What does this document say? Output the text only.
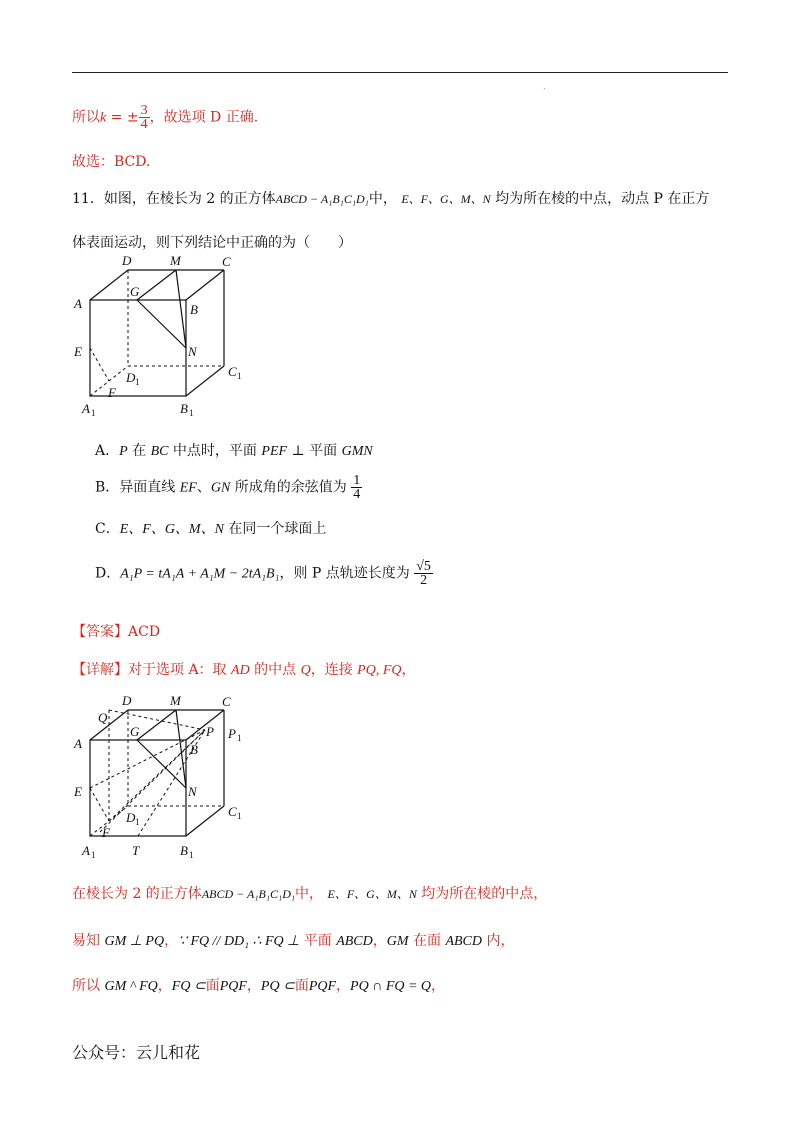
.
所以k = ± $\frac{3}{4}$ ，故选项 D 正确.
故选：BCD.
11．如图，在棱长为 2 的正方体ABCD − A₁B₁C₁D₁中， E、F、G、M、N 均为所在棱的中点，动点 P 在正方
体表面运动，则下列结论中正确的为（　　）
D	M	C
G
A	B
N
E
D 1
C 1
F
A 1	B 1
A．P 在 BC 中点时，平面 PEF ⊥ 平面 GMN
B．异面直线 EF、GN 所成角的余弦值为 $\frac{1}{4}$
C．E、F、G、M、N 在同一个球面上
D．A₁P = tA₁A + A₁M − 2tA₁B₁，则 P 点轨迹长度为 $\frac{√5}{2}$
【答案】ACD
【详解】对于选项 A：取 AD 的中点 Q，连接 PQ, FQ，
Q
D	M	C
P 1
A
G	P
B
E	N
D 1
C 1
F
A 1	T	B 1
在棱长为 2 的正方体ABCD − A₁B₁C₁D₁中， E、F、G、M、N 均为所在棱的中点，
易知 GM ⊥ PQ，∵ FQ // DD₁ ∴ FQ ⊥ 平面 ABCD，GM 在面 ABCD 内，
所以 GM ^ FQ，FQ ⊂面PQF，PQ ⊂面PQF，PQ ∩ FQ = Q，
公众号：云儿和花
